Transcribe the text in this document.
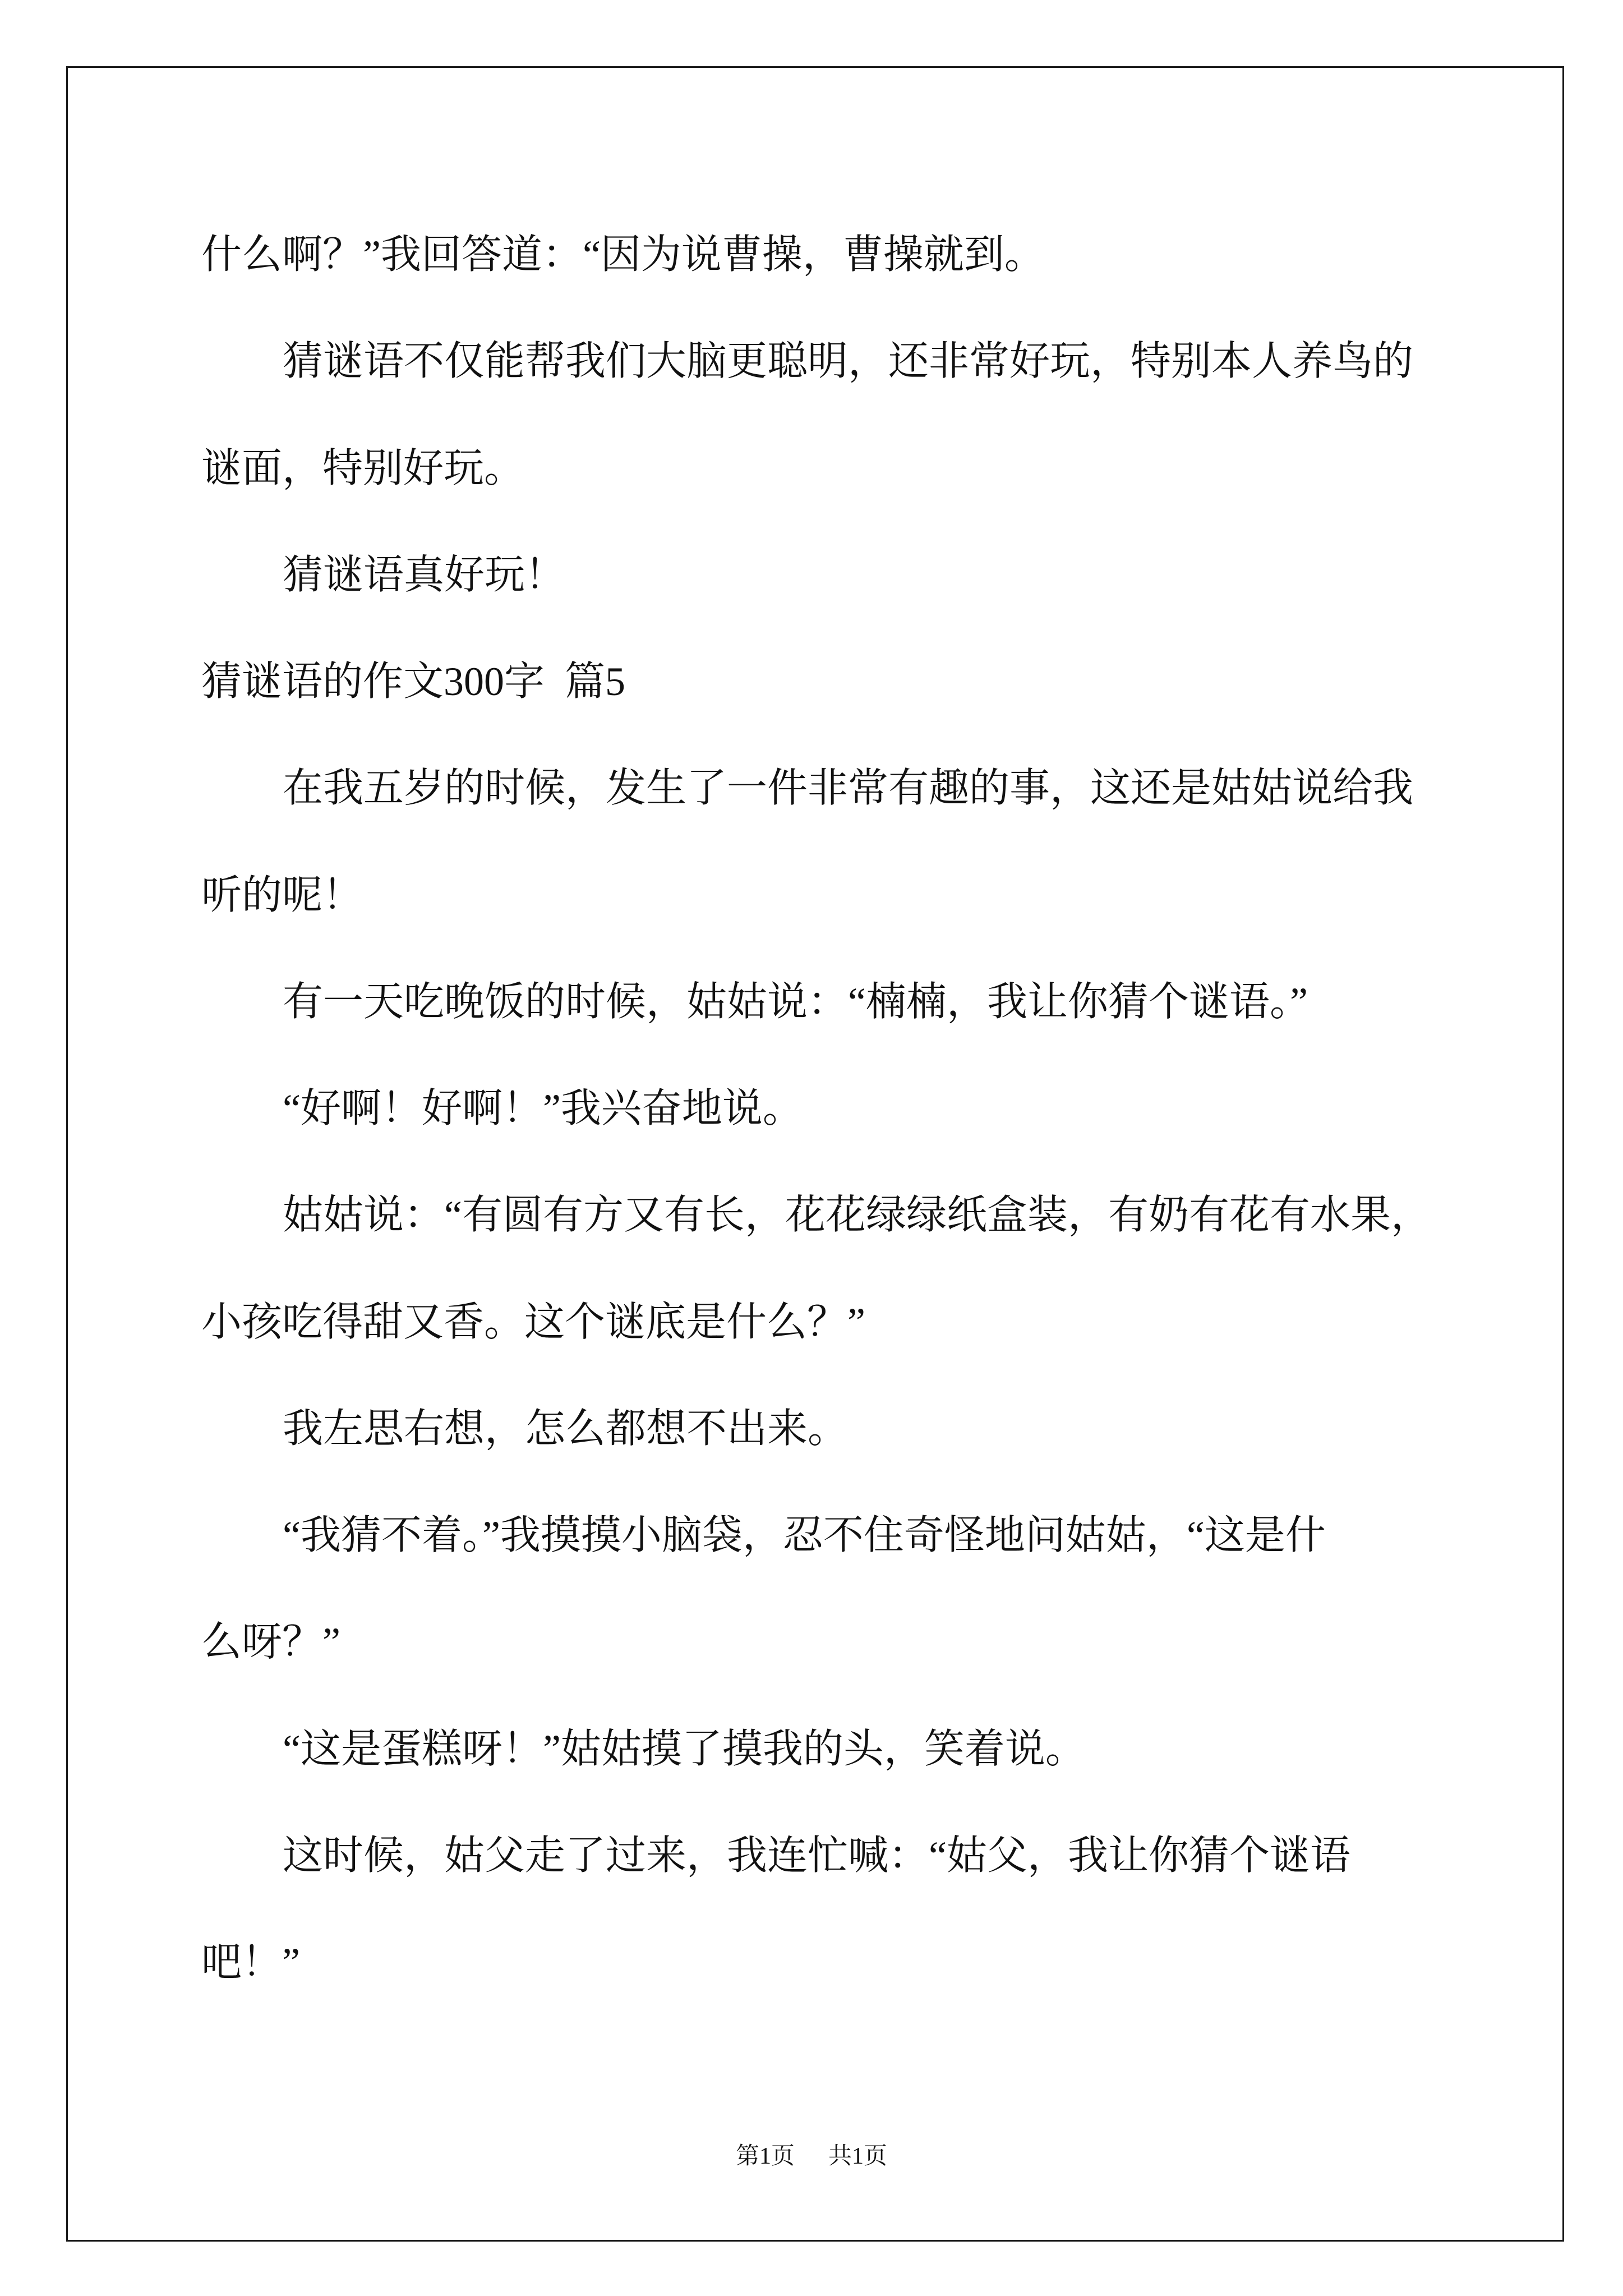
什么啊？”我回答道：“因为说曹操，曹操就到。
猜谜语不仅能帮我们大脑更聪明，还非常好玩，特别本人养鸟的
谜面，特别好玩。
猜谜语真好玩！
猜谜语的作文300字  篇5
在我五岁的时候，发生了一件非常有趣的事，这还是姑姑说给我
听的呢！
有一天吃晚饭的时候，姑姑说：“楠楠，我让你猜个谜语。”
“好啊！好啊！”我兴奋地说。
姑姑说：“有圆有方又有长，花花绿绿纸盒装，有奶有花有水果，
小孩吃得甜又香。这个谜底是什么？”
我左思右想，怎么都想不出来。
“我猜不着。”我摸摸小脑袋，忍不住奇怪地问姑姑，“这是什
么呀？”
“这是蛋糕呀！”姑姑摸了摸我的头，笑着说。
这时候，姑父走了过来，我连忙喊：“姑父，我让你猜个谜语
吧！”
第1页 共1页
